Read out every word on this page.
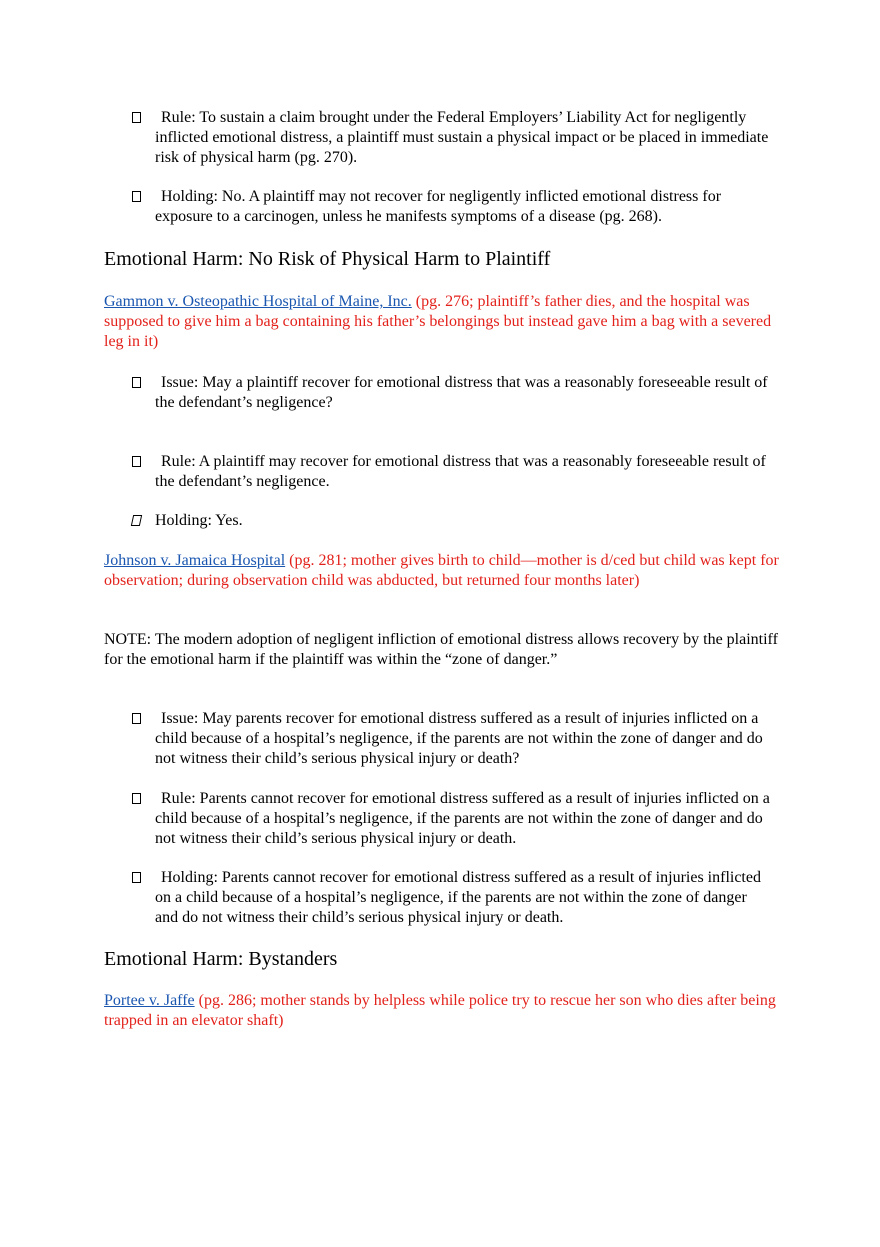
Rule: To sustain a claim brought under the Federal Employers’ Liability Act for negligently inflicted emotional distress, a plaintiff must sustain a physical impact or be placed in immediate risk of physical harm (pg. 270).
Holding: No. A plaintiff may not recover for negligently inflicted emotional distress for exposure to a carcinogen, unless he manifests symptoms of a disease (pg. 268).
Emotional Harm: No Risk of Physical Harm to Plaintiff
Gammon v. Osteopathic Hospital of Maine, Inc. (pg. 276; plaintiff’s father dies, and the hospital was supposed to give him a bag containing his father’s belongings but instead gave him a bag with a severed leg in it)
Issue: May a plaintiff recover for emotional distress that was a reasonably foreseeable result of the defendant’s negligence?
Rule: A plaintiff may recover for emotional distress that was a reasonably foreseeable result of the defendant’s negligence.
Holding: Yes.
Johnson v. Jamaica Hospital (pg. 281; mother gives birth to child—mother is d/ced but child was kept for observation; during observation child was abducted, but returned four months later)
NOTE: The modern adoption of negligent infliction of emotional distress allows recovery by the plaintiff for the emotional harm if the plaintiff was within the “zone of danger.”
Issue: May parents recover for emotional distress suffered as a result of injuries inflicted on a child because of a hospital’s negligence, if the parents are not within the zone of danger and do not witness their child’s serious physical injury or death?
Rule: Parents cannot recover for emotional distress suffered as a result of injuries inflicted on a child because of a hospital’s negligence, if the parents are not within the zone of danger and do not witness their child’s serious physical injury or death.
Holding: Parents cannot recover for emotional distress suffered as a result of injuries inflicted on a child because of a hospital’s negligence, if the parents are not within the zone of danger and do not witness their child’s serious physical injury or death.
Emotional Harm: Bystanders
Portee v. Jaffe (pg. 286; mother stands by helpless while police try to rescue her son who dies after being trapped in an elevator shaft)
